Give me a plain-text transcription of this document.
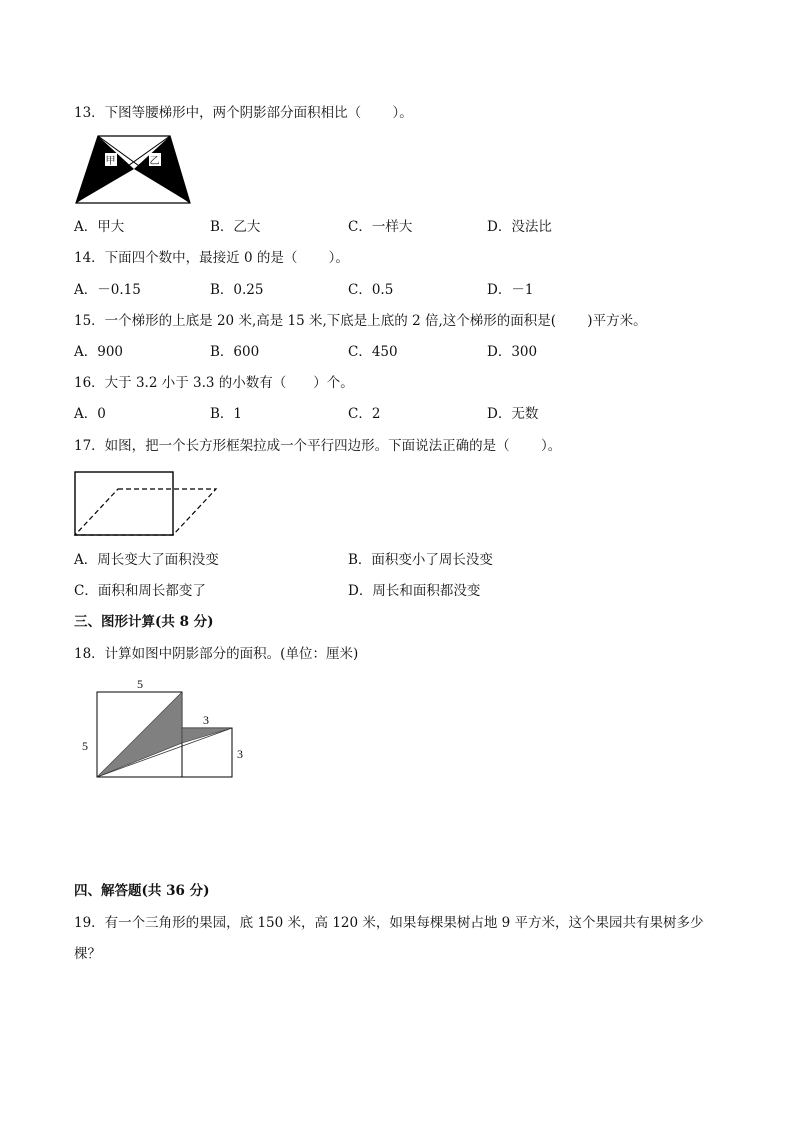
13．下图等腰梯形中，两个阴影部分面积相比（　　 ）。
甲	乙
A．甲大	B．乙大	C．一样大	D．没法比
14．下面四个数中，最接近 0 的是（　　 ）。
A．－0.15	B．0.25	C．0.5	D．－1
15．一个梯形的上底是 20 米,高是 15 米,下底是上底的 2 倍,这个梯形的面积是(　　 )平方米。
A．900	B．600	C．450	D．300
16．大于 3.2 小于 3.3 的小数有（　　）个。
A．0	B．1	C．2	D．无数
17．如图，把一个长方形框架拉成一个平行四边形。下面说法正确的是（　　 ）。
A．周长变大了面积没变	B．面积变小了周长没变
C．面积和周长都变了	D．周长和面积都没变
三、图形计算(共 8 分)
18．计算如图中阴影部分的面积。(单位：厘米)
5
5
3
3
四、解答题(共 36 分)
19．有一个三角形的果园，底 150 米，高 120 米，如果每棵果树占地 9 平方米，这个果园共有果树多少
棵？
